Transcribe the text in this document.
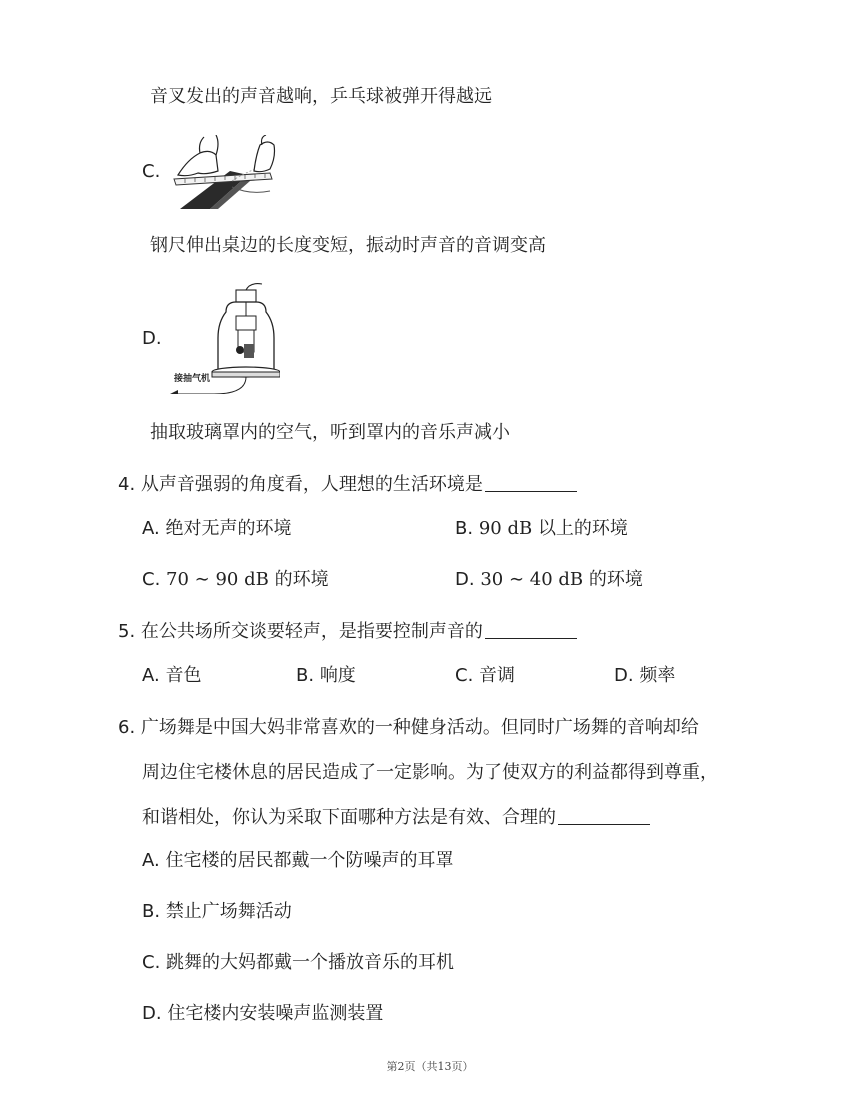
音叉发出的声音越响，乒乓球被弹开得越远
C.
钢尺伸出桌边的长度变短，振动时声音的音调变高
D.
接抽气机
抽取玻璃罩内的空气，听到罩内的音乐声减小
4. 从声音强弱的角度看，人理想的生活环境是
A. 绝对无声的环境	B. 90 dB 以上的环境
C. 70 ∼ 90 dB 的环境	D. 30 ∼ 40 dB 的环境
5. 在公共场所交谈要轻声，是指要控制声音的
A. 音色	B. 响度	C. 音调	D. 频率
6. 广场舞是中国大妈非常喜欢的一种健身活动。但同时广场舞的音响却给
周边住宅楼休息的居民造成了一定影响。为了使双方的利益都得到尊重，
和谐相处，你认为采取下面哪种方法是有效、合理的
A. 住宅楼的居民都戴一个防噪声的耳罩
B. 禁止广场舞活动
C. 跳舞的大妈都戴一个播放音乐的耳机
D. 住宅楼内安装噪声监测装置
第2页（共13页）
